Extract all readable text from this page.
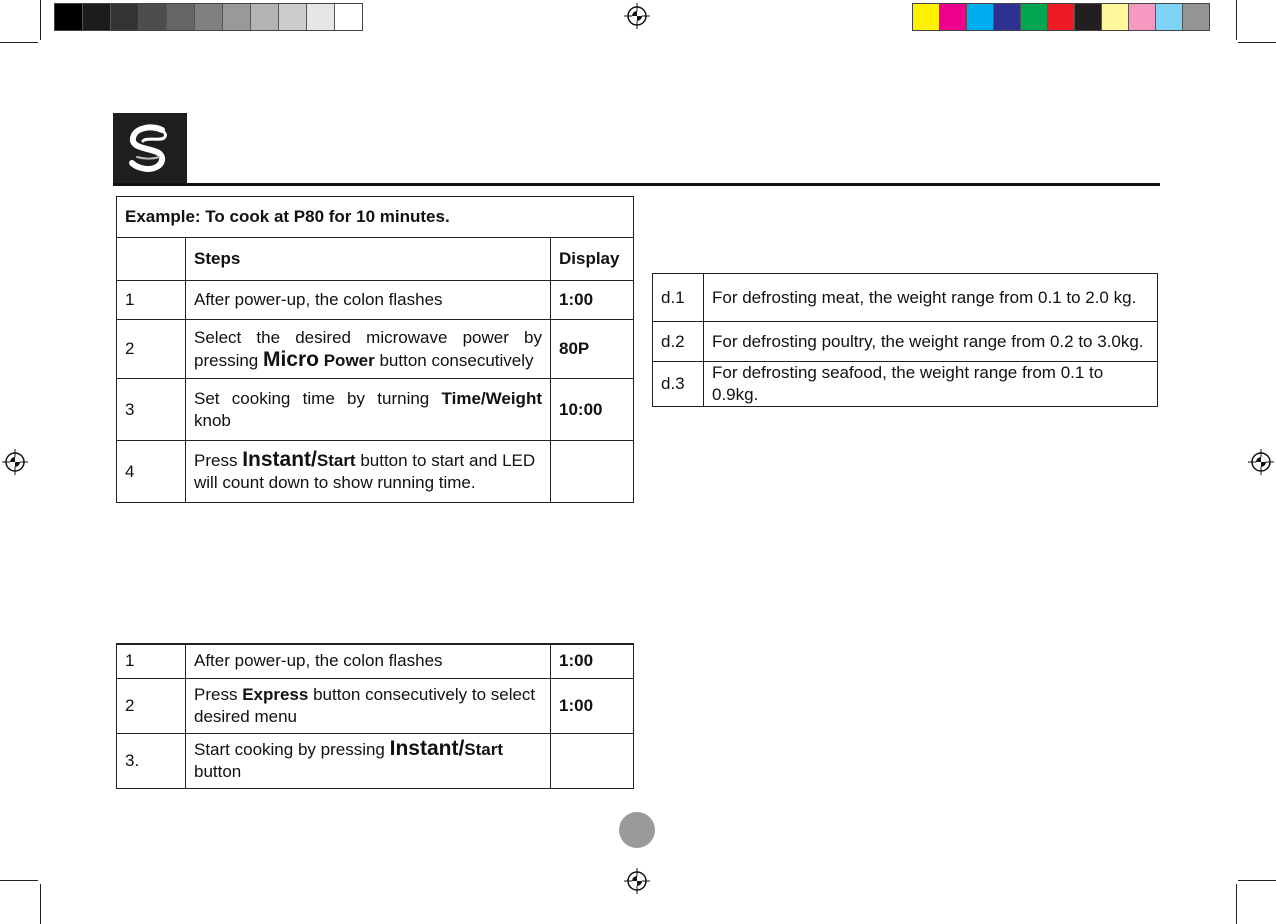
Example: To cook at P80 for 10 minutes.		
	Steps	Display
1	After power-up, the colon flashes	1:00
2	Select the desired microwave power by pressing Micro Power button consecutively	80P
3	Set cooking time by turning Time/Weight knob	10:00
4	Press Instant/Start button to start and LED will count down to show running time.	
1	After power-up, the colon flashes	1:00
2	Press Express button consecutively to select desired menu	1:00
3.	Start cooking by pressing Instant/Start
button	
d.1	For defrosting meat, the weight range from 0.1 to 2.0 kg.
d.2	For defrosting poultry, the weight range from 0.2 to 3.0kg.
d.3	For defrosting seafood, the weight range from 0.1 to 0.9kg.
